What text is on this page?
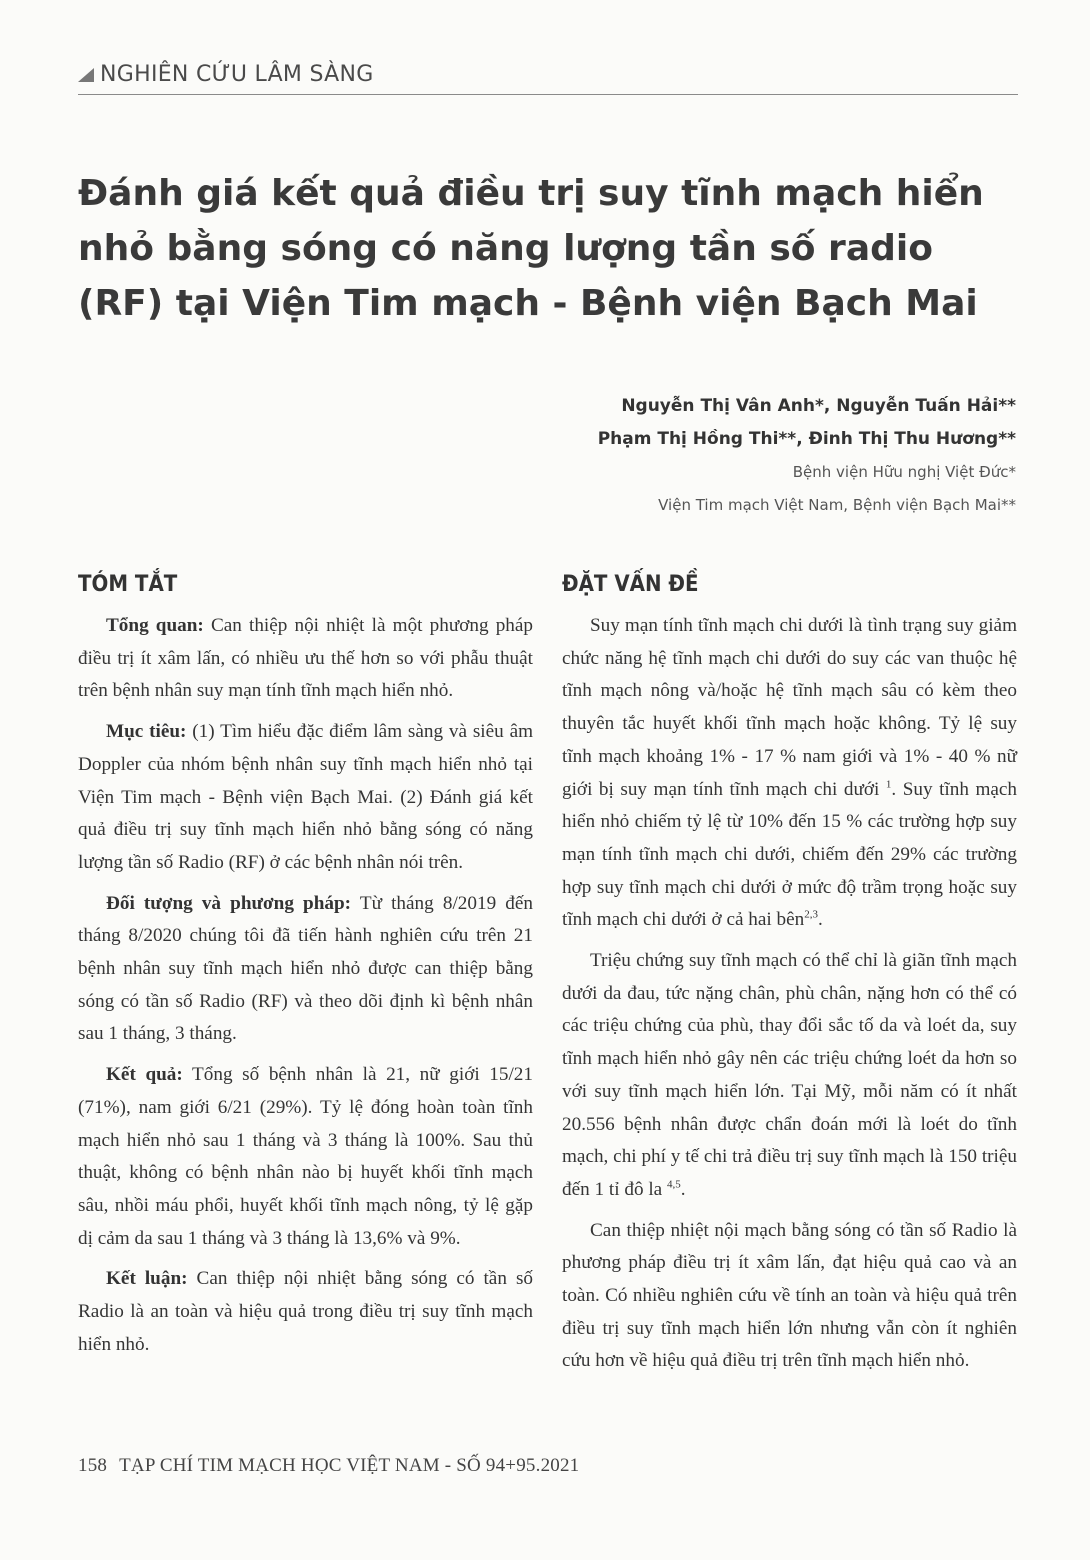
NGHIÊN CỨU LÂM SÀNG
Đánh giá kết quả điều trị suy tĩnh mạch hiển nhỏ bằng sóng có năng lượng tần số radio (RF) tại Viện Tim mạch - Bệnh viện Bạch Mai
Nguyễn Thị Vân Anh*, Nguyễn Tuấn Hải**
Phạm Thị Hồng Thi**, Đinh Thị Thu Hương**
Bệnh viện Hữu nghị Việt Đức*
Viện Tim mạch Việt Nam, Bệnh viện Bạch Mai**
TÓM TẮT

Tổng quan: Can thiệp nội nhiệt là một phương pháp điều trị ít xâm lấn, có nhiều ưu thế hơn so với phẫu thuật trên bệnh nhân suy mạn tính tĩnh mạch hiển nhỏ.

Mục tiêu: (1) Tìm hiểu đặc điểm lâm sàng và siêu âm Doppler của nhóm bệnh nhân suy tĩnh mạch hiển nhỏ tại Viện Tim mạch - Bệnh viện Bạch Mai. (2) Đánh giá kết quả điều trị suy tĩnh mạch hiển nhỏ bằng sóng có năng lượng tần số Radio (RF) ở các bệnh nhân nói trên.

Đối tượng và phương pháp: Từ tháng 8/2019 đến tháng 8/2020 chúng tôi đã tiến hành nghiên cứu trên 21 bệnh nhân suy tĩnh mạch hiển nhỏ được can thiệp bằng sóng có tần số Radio (RF) và theo dõi định kì bệnh nhân sau 1 tháng, 3 tháng.

Kết quả: Tổng số bệnh nhân là 21, nữ giới 15/21 (71%), nam giới 6/21 (29%). Tỷ lệ đóng hoàn toàn tĩnh mạch hiển nhỏ sau 1 tháng và 3 tháng là 100%. Sau thủ thuật, không có bệnh nhân nào bị huyết khối tĩnh mạch sâu, nhồi máu phổi, huyết khối tĩnh mạch nông, tỷ lệ gặp dị cảm da sau 1 tháng và 3 tháng là 13,6% và 9%.

Kết luận: Can thiệp nội nhiệt bằng sóng có tần số Radio là an toàn và hiệu quả trong điều trị suy tĩnh mạch hiển nhỏ.

ĐẶT VẤN ĐỀ

Suy mạn tính tĩnh mạch chi dưới là tình trạng suy giảm chức năng hệ tĩnh mạch chi dưới do suy các van thuộc hệ tĩnh mạch nông và/hoặc hệ tĩnh mạch sâu có kèm theo thuyên tắc huyết khối tĩnh mạch hoặc không. Tỷ lệ suy tĩnh mạch khoảng 1% - 17 % nam giới và 1% - 40 % nữ giới bị suy mạn tính tĩnh mạch chi dưới $^1$. Suy tĩnh mạch hiển nhỏ chiếm tỷ lệ từ 10% đến 15 % các trường hợp suy mạn tính tĩnh mạch chi dưới, chiếm đến 29% các trường hợp suy tĩnh mạch chi dưới ở mức độ trầm trọng hoặc suy tĩnh mạch chi dưới ở cả hai bên$^{2,3}$.

Triệu chứng suy tĩnh mạch có thể chỉ là giãn tĩnh mạch dưới da đau, tức nặng chân, phù chân, nặng hơn có thể có các triệu chứng của phù, thay đổi sắc tố da và loét da, suy tĩnh mạch hiển nhỏ gây nên các triệu chứng loét da hơn so với suy tĩnh mạch hiển lớn. Tại Mỹ, mỗi năm có ít nhất 20.556 bệnh nhân được chẩn đoán mới là loét do tĩnh mạch, chi phí y tế chi trả điều trị suy tĩnh mạch là 150 triệu đến 1 tỉ đô la $^{4,5}$.

Can thiệp nhiệt nội mạch bằng sóng có tần số Radio là phương pháp điều trị ít xâm lấn, đạt hiệu quả cao và an toàn. Có nhiều nghiên cứu về tính an toàn và hiệu quả trên điều trị suy tĩnh mạch hiển lớn nhưng vẫn còn ít nghiên cứu hơn về hiệu quả điều trị trên tĩnh mạch hiển nhỏ.

158 TẠP CHÍ TIM MẠCH HỌC VIỆT NAM - SỐ 94+95.2021
